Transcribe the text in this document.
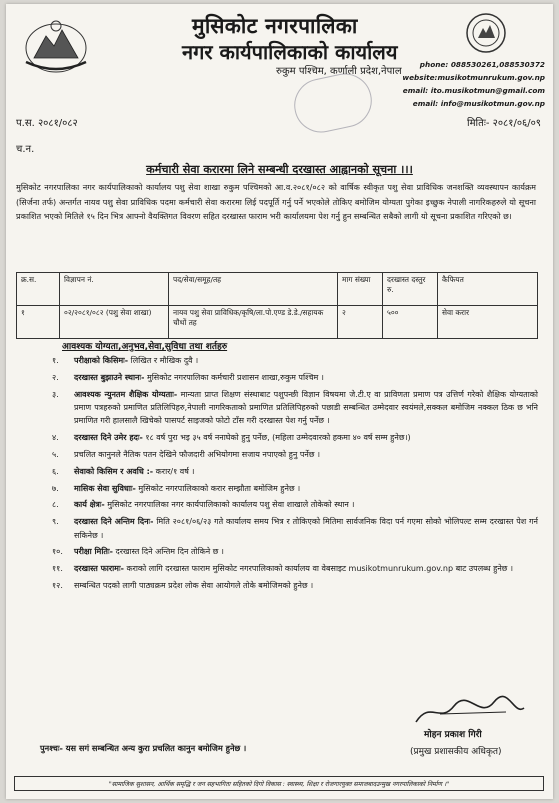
मुसिकोट नगरपालिका
नगर कार्यपालिकाको कार्यालय
रुकुम पश्चिम, कर्णाली प्रदेश,नेपाल
phone: 088530261,088530372
website:musikotmunrukum.gov.np
email: ito.musikotmun@gmail.com
email: info@musikotmun.gov.np
प.स. २०८१/०८२	मितिः- २०८१/०६/०९
च.न.
कर्मचारी सेवा करारमा लिने सम्बन्धी दरखास्त आह्वानको सूचना ।।।
मुसिकोट नगरपालिका नगर कार्यपालिकाको कार्यालय पशु सेवा शाखा रुकुम पश्चिमको आ.व.२०८१/०८२ को वार्षिक स्वीकृत पशु सेवा प्राविधिक जनशक्ति व्यवस्थापन कार्यक्रम (सिर्जना तर्फ) अन्तर्गत नायव पशु सेवा प्राविधिक पदमा कर्मचारी सेवा करारमा लिई पदपूर्ति गर्नु पर्ने भएकोले तोकिए बमोजिम योग्यता पुगेका इच्छुक नेपाली नागरिकहरुले यो सूचना प्रकाशित भएको मितिले १५ दिन भित्र आफ्नो वैयक्तिगत विवरण सहित दरखास्त फाराम भरी कार्यालयमा पेश गर्नु हुन सम्बन्धित सबैको लागी यो सूचना प्रकाशित गरिएको छ।
क्र.स.	विज्ञापन नं.	पद/सेवा/समूह/तह	माग संख्या	दरखास्त दस्तुर रु.	कैफियत
१	०२/२०८१/०८२ (पशु सेवा शाखा)	नायव पशु सेवा प्राविधिक/कृषि/ला.पो.एण्ड डे.डे./सहायक चौथों तह	२	५००	सेवा करार
आवश्यक योग्यता,अनुभव,सेवा,सुविधा तथा शर्तहरु
१. परीक्षाको किसिमः- लिखित र मौखिक दुवै ।
२. दरखास्त बुझाउने स्थानः- मुसिकोट नगरपालिका कर्मचारी प्रशासन शाखा,रुकुम पश्चिम ।
३. आवश्यक न्युनतम शैक्षिक योग्यताः- मान्यता प्राप्त शिक्षण संस्थाबाट पशुपन्छी विज्ञान विषयमा जे.टी.ए वा प्राविणता प्रमाण पत्र उत्तिर्ण गरेको शैक्षिक योग्यताको प्रमाण पत्रहरुको प्रमाणित प्रतिलिपिहरु,नेपाली नागरिकताको प्रमाणित प्रतिलिपिहरुको पछाडी सम्बन्धित उम्मेदवार स्वयंमले,सक्कल बमोजिम नक्कल ठिक छ भनि प्रमाणित गरी हालसालै खिचेको पासपर्ट साइजको फोटो टाँस गरी दरखास्त पेश गर्नु पर्नेछ ।
४. दरखास्त दिने उमेर हदः- १८ वर्ष पुरा भइ ३५ वर्ष ननाघेको हुनु पर्नेछ, (महिला उम्मेदवारको हकमा ४० वर्ष सम्म हुनेछ।)
५. प्रचलित कानुनले नैतिक पतन देखिने फौजदारी अभियोगमा सजाय नपाएको हुनु पर्नेछ ।
६. सेवाको किसिम र अवधि :- करार/१ वर्ष ।
७. मासिक सेवा सुविधाः- मुसिकोट नगरपालिकाको करार सम्झौता बमोजिम हुनेछ ।
८. कार्य क्षेत्रः- मुसिकोट नगरपालिका नगर कार्यपालिकाको कार्यालय पशु सेवा शाखाले तोकेको स्थान ।
९. दरखास्त दिने अन्तिम दिनः- मिति २०८१/०६/२३ गते कार्यालय समय भित्र र तोकिएको मितिमा सार्वजनिक विदा पर्न गएमा सोको भोलिपल्ट सम्म दरखास्त पेश गर्न सकिनेछ ।
१०. परीक्षा मितिः- दरखास्त दिने अन्तिम दिन तोकिने छ ।
११. दरखास्त फारामः- कराको लागि दरखास्त फाराम मुसिकोट नगरपालिकाको कार्यालय वा वेबसाइट musikotmunrukum.gov.np बाट उपलब्ध हुनेछ ।
१२. सम्बन्धित पदको लागी पाठ्यक्रम प्रदेश लोक सेवा आयोगले तोके बमोजिमको हुनेछ ।
पुनश्चः- यस सगं सम्बन्धित अन्य कुरा प्रचलित कानुन बमोजिम हुनेछ ।
मोहन प्रकाश गिरी
(प्रमुख प्रशासकीय अधिकृत)
"सामाजिक सुशासन, आर्थिक समृद्धि र जन सहभागिता सहितको दिगो विकास : स्वास्थ्य, शिक्षा र रोजगारयुक्त समाजबादउन्मुख नगरपालिकाको निर्माण ।"
